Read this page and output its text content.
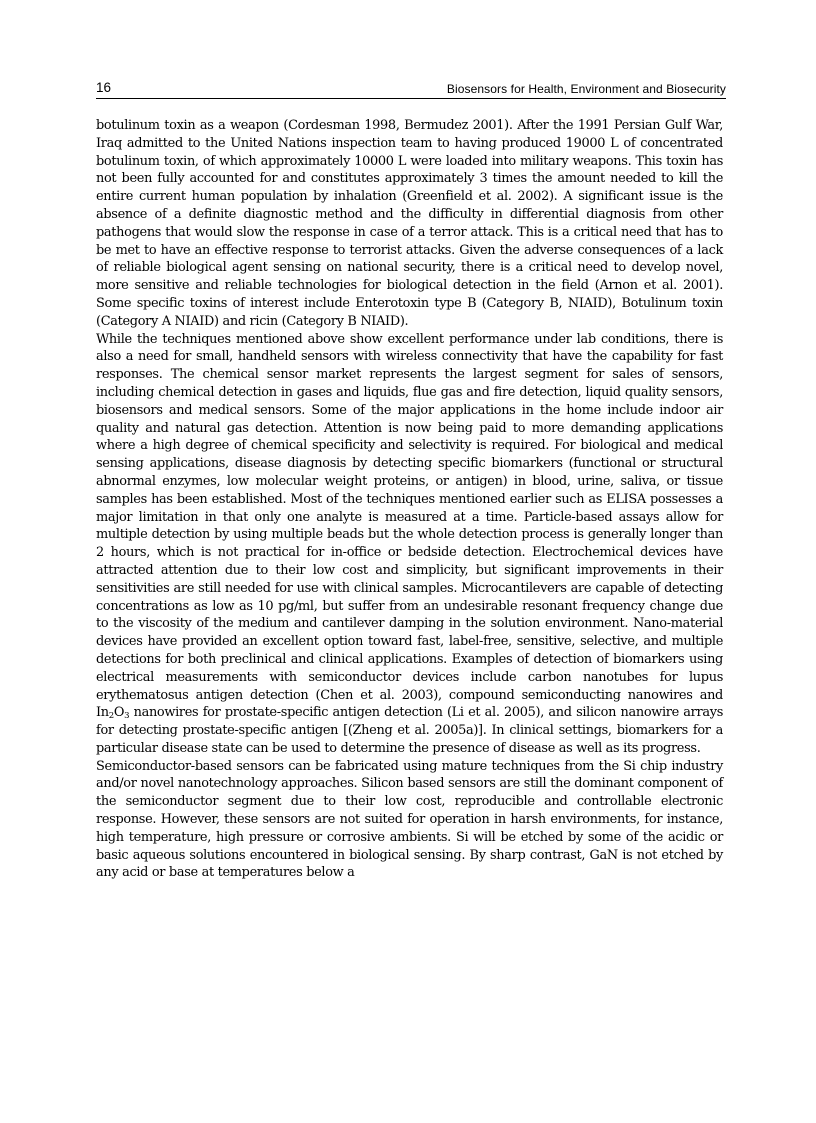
16	Biosensors for Health, Environment and Biosecurity

botulinum toxin as a weapon (Cordesman 1998, Bermudez 2001). After the 1991 Persian Gulf War, Iraq admitted to the United Nations inspection team to having produced 19000 L of concentrated botulinum toxin, of which approximately 10000 L were loaded into military weapons. This toxin has not been fully accounted for and constitutes approximately 3 times the amount needed to kill the entire current human population by inhalation (Greenfield et al. 2002). A significant issue is the absence of a definite diagnostic method and the difficulty in differential diagnosis from other pathogens that would slow the response in case of a terror attack. This is a critical need that has to be met to have an effective response to terrorist attacks. Given the adverse consequences of a lack of reliable biological agent sensing on national security, there is a critical need to develop novel, more sensitive and reliable technologies for biological detection in the field (Arnon et al. 2001). Some specific toxins of interest include Enterotoxin type B (Category B, NIAID), Botulinum toxin (Category A NIAID) and ricin (Category B NIAID).

While the techniques mentioned above show excellent performance under lab conditions, there is also a need for small, handheld sensors with wireless connectivity that have the capability for fast responses. The chemical sensor market represents the largest segment for sales of sensors, including chemical detection in gases and liquids, flue gas and fire detection, liquid quality sensors, biosensors and medical sensors. Some of the major applications in the home include indoor air quality and natural gas detection. Attention is now being paid to more demanding applications where a high degree of chemical specificity and selectivity is required. For biological and medical sensing applications, disease diagnosis by detecting specific biomarkers (functional or structural abnormal enzymes, low molecular weight proteins, or antigen) in blood, urine, saliva, or tissue samples has been established. Most of the techniques mentioned earlier such as ELISA possesses a major limitation in that only one analyte is measured at a time. Particle-based assays allow for multiple detection by using multiple beads but the whole detection process is generally longer than 2 hours, which is not practical for in-office or bedside detection. Electrochemical devices have attracted attention due to their low cost and simplicity, but significant improvements in their sensitivities are still needed for use with clinical samples. Microcantilevers are capable of detecting concentrations as low as 10 pg/ml, but suffer from an undesirable resonant frequency change due to the viscosity of the medium and cantilever damping in the solution environment. Nano-material devices have provided an excellent option toward fast, label-free, sensitive, selective, and multiple detections for both preclinical and clinical applications. Examples of detection of biomarkers using electrical measurements with semiconductor devices include carbon nanotubes for lupus erythematosus antigen detection (Chen et al. 2003), compound semiconducting nanowires and $In_2O_3$ nanowires for prostate-specific antigen detection (Li et al. 2005), and silicon nanowire arrays for detecting prostate-specific antigen [(Zheng et al. 2005a)]. In clinical settings, biomarkers for a particular disease state can be used to determine the presence of disease as well as its progress.

Semiconductor-based sensors can be fabricated using mature techniques from the Si chip industry and/or novel nanotechnology approaches. Silicon based sensors are still the dominant component of the semiconductor segment due to their low cost, reproducible and controllable electronic response. However, these sensors are not suited for operation in harsh environments, for instance, high temperature, high pressure or corrosive ambients. Si will be etched by some of the acidic or basic aqueous solutions encountered in biological sensing. By sharp contrast, GaN is not etched by any acid or base at temperatures below a
